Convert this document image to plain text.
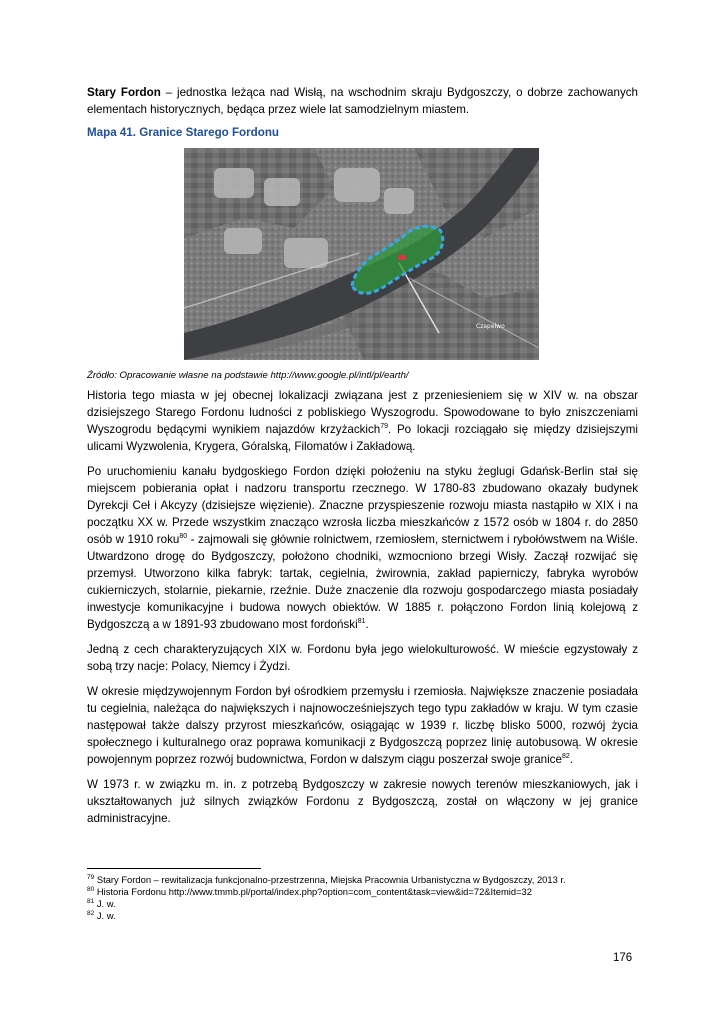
Stary Fordon – jednostka leżąca nad Wisłą, na wschodnim skraju Bydgoszczy, o dobrze zachowanych elementach historycznych, będąca przez wiele lat samodzielnym miastem.

Mapa 41. Granice Starego Fordonu
Czapelwo
Źródło: Opracowanie własne na podstawie http://www.google.pl/intl/pl/earth/

Historia tego miasta w jej obecnej lokalizacji związana jest z przeniesieniem się w XIV w. na obszar dzisiejszego Starego Fordonu ludności z pobliskiego Wyszogrodu. Spowodowane to było zniszczeniami Wyszogrodu będącymi wynikiem najazdów krzyżackich$^{79}$. Po lokacji rozciągało się między dzisiejszymi ulicami Wyzwolenia, Krygera, Góralską, Filomatów i Zakładową.

Po uruchomieniu kanału bydgoskiego Fordon dzięki położeniu na styku żeglugi Gdańsk-Berlin stał się miejscem pobierania opłat i nadzoru transportu rzecznego. W 1780-83 zbudowano okazały budynek Dyrekcji Ceł i Akcyzy (dzisiejsze więzienie). Znaczne przyspieszenie rozwoju miasta nastąpiło w XIX i na początku XX w. Przede wszystkim znacząco wzrosła liczba mieszkańców z 1572 osób w 1804 r. do 2850 osób w 1910 roku$^{80}$ - zajmowali się głównie rolnictwem, rzemiosłem, sternictwem i rybołówstwem na Wiśle. Utwardzono drogę do Bydgoszczy, położono chodniki, wzmocniono brzegi Wisły. Zaczął rozwijać się przemysł. Utworzono kilka fabryk: tartak, cegielnia, żwirownia, zakład papierniczy, fabryka wyrobów cukierniczych, stolarnie, piekarnie, rzeźnie. Duże znaczenie dla rozwoju gospodarczego miasta posiadały inwestycje komunikacyjne i budowa nowych obiektów. W 1885 r. połączono Fordon linią kolejową z Bydgoszczą a w 1891-93 zbudowano most fordoński$^{81}$.

Jedną z cech charakteryzujących XIX w. Fordonu była jego wielokulturowość. W mieście egzystowały z sobą trzy nacje: Polacy, Niemcy i Żydzi.

W okresie międzywojennym Fordon był ośrodkiem przemysłu i rzemiosła. Największe znaczenie posiadała tu cegielnia, należąca do największych i najnowocześniejszych tego typu zakładów w kraju. W tym czasie następował także dalszy przyrost mieszkańców, osiągając w 1939 r. liczbę blisko 5000, rozwój życia społecznego i kulturalnego oraz poprawa komunikacji z Bydgoszczą poprzez linię autobusową. W okresie powojennym poprzez rozwój budownictwa, Fordon w dalszym ciągu poszerzał swoje granice$^{82}$.

W 1973 r. w związku m. in. z potrzebą Bydgoszczy w zakresie nowych terenów mieszkaniowych, jak i ukształtowanych już silnych związków Fordonu z Bydgoszczą, został on włączony w jej granice administracyjne.

$^{79}$ Stary Fordon – rewitalizacja funkcjonalno-przestrzenna, Miejska Pracownia Urbanistyczna w Bydgoszczy, 2013 r.
$^{80}$ Historia Fordonu http://www.tmmb.pl/portal/index.php?option=com_content&task=view&id=72&Itemid=32
$^{81}$ J. w.
$^{82}$ J. w.
176
